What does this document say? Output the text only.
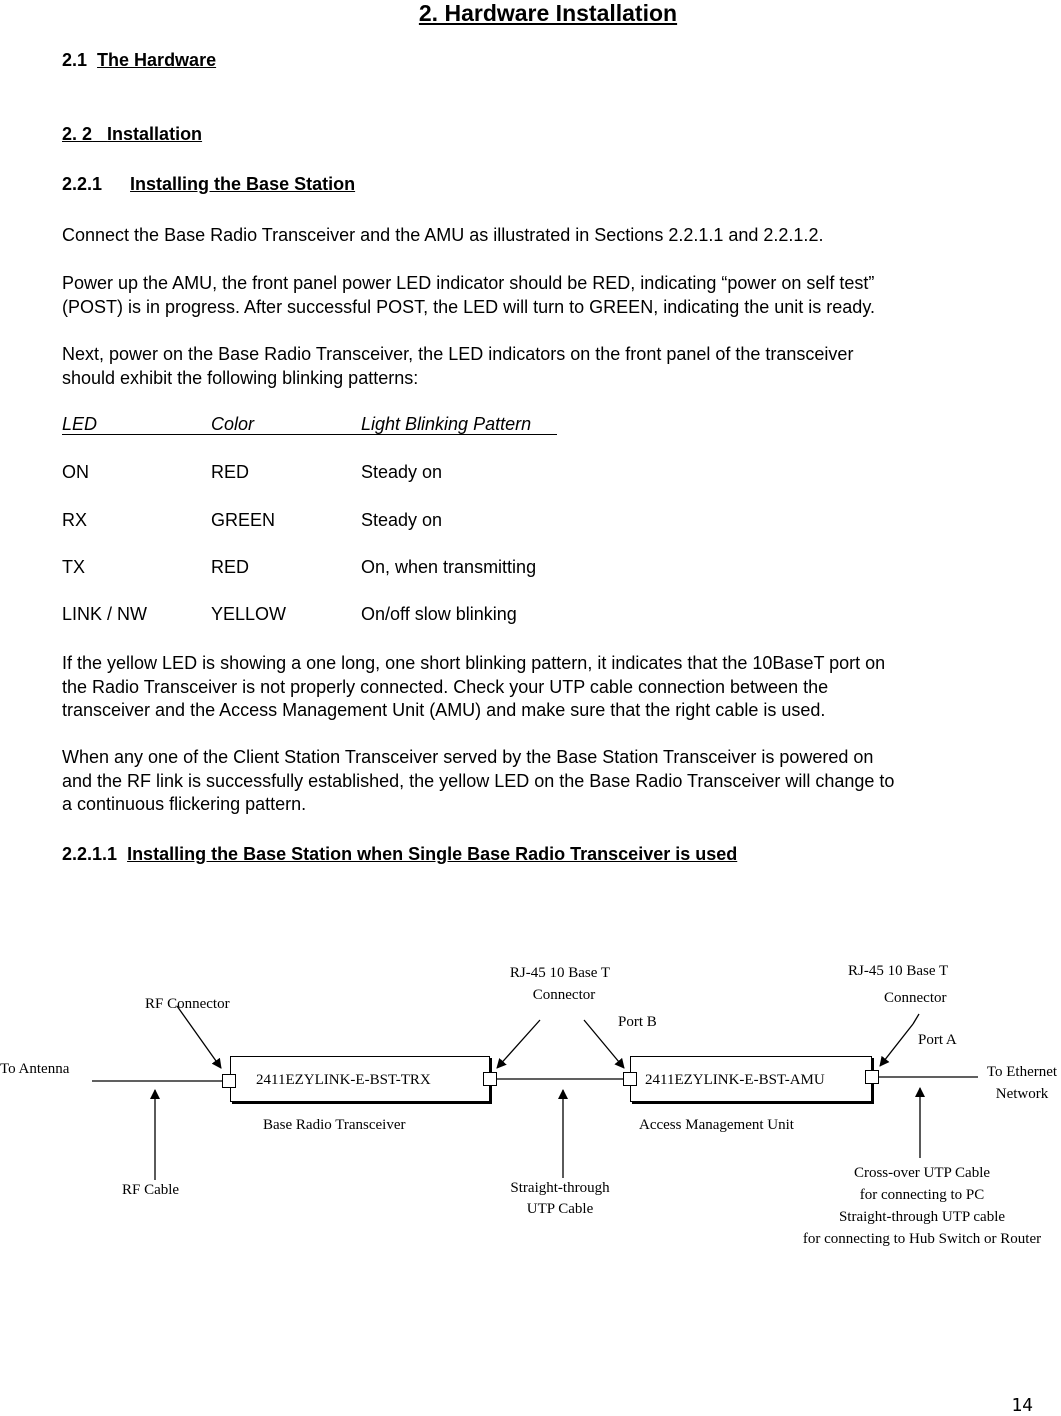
2. Hardware Installation
2.1 The Hardware
2. 2 Installation
2.2.1 Installing the Base Station
Connect the Base Radio Transceiver and the AMU as illustrated in Sections 2.2.1.1 and 2.2.1.2.
Power up the AMU, the front panel power LED indicator should be RED, indicating “power on self test”
(POST) is in progress. After successful POST, the LED will turn to GREEN, indicating the unit is ready.
Next, power on the Base Radio Transceiver, the LED indicators on the front panel of the transceiver
should exhibit the following blinking patterns:
LED	Color	Light Blinking Pattern
ON	RED	Steady on
RX	GREEN	Steady on
TX	RED	On, when transmitting
LINK / NW	YELLOW	On/off slow blinking
If the yellow LED is showing a one long, one short blinking pattern, it indicates that the 10BaseT port on
the Radio Transceiver is not properly connected. Check your UTP cable connection between the
transceiver and the Access Management Unit (AMU) and make sure that the right cable is used.
When any one of the Client Station Transceiver served by the Base Station Transceiver is powered on
and the RF link is successfully established, the yellow LED on the Base Radio Transceiver will change to
a continuous flickering pattern.
2.2.1.1 Installing the Base Station when Single Base Radio Transceiver is used
2411EZYLINK-E-BST-TRX	2411EZYLINK-E-BST-AMU
To Antenna
RF Connector
RF Cable
Base Radio Transceiver
RJ-45 10 Base T
Connector
Port B
Straight-through
UTP Cable
Access Management Unit
RJ-45 10 Base T
Connector
Port A
To Ethernet
Network
Cross-over UTP Cable
for connecting to PC
Straight-through UTP cable
for connecting to Hub Switch or Router
14
